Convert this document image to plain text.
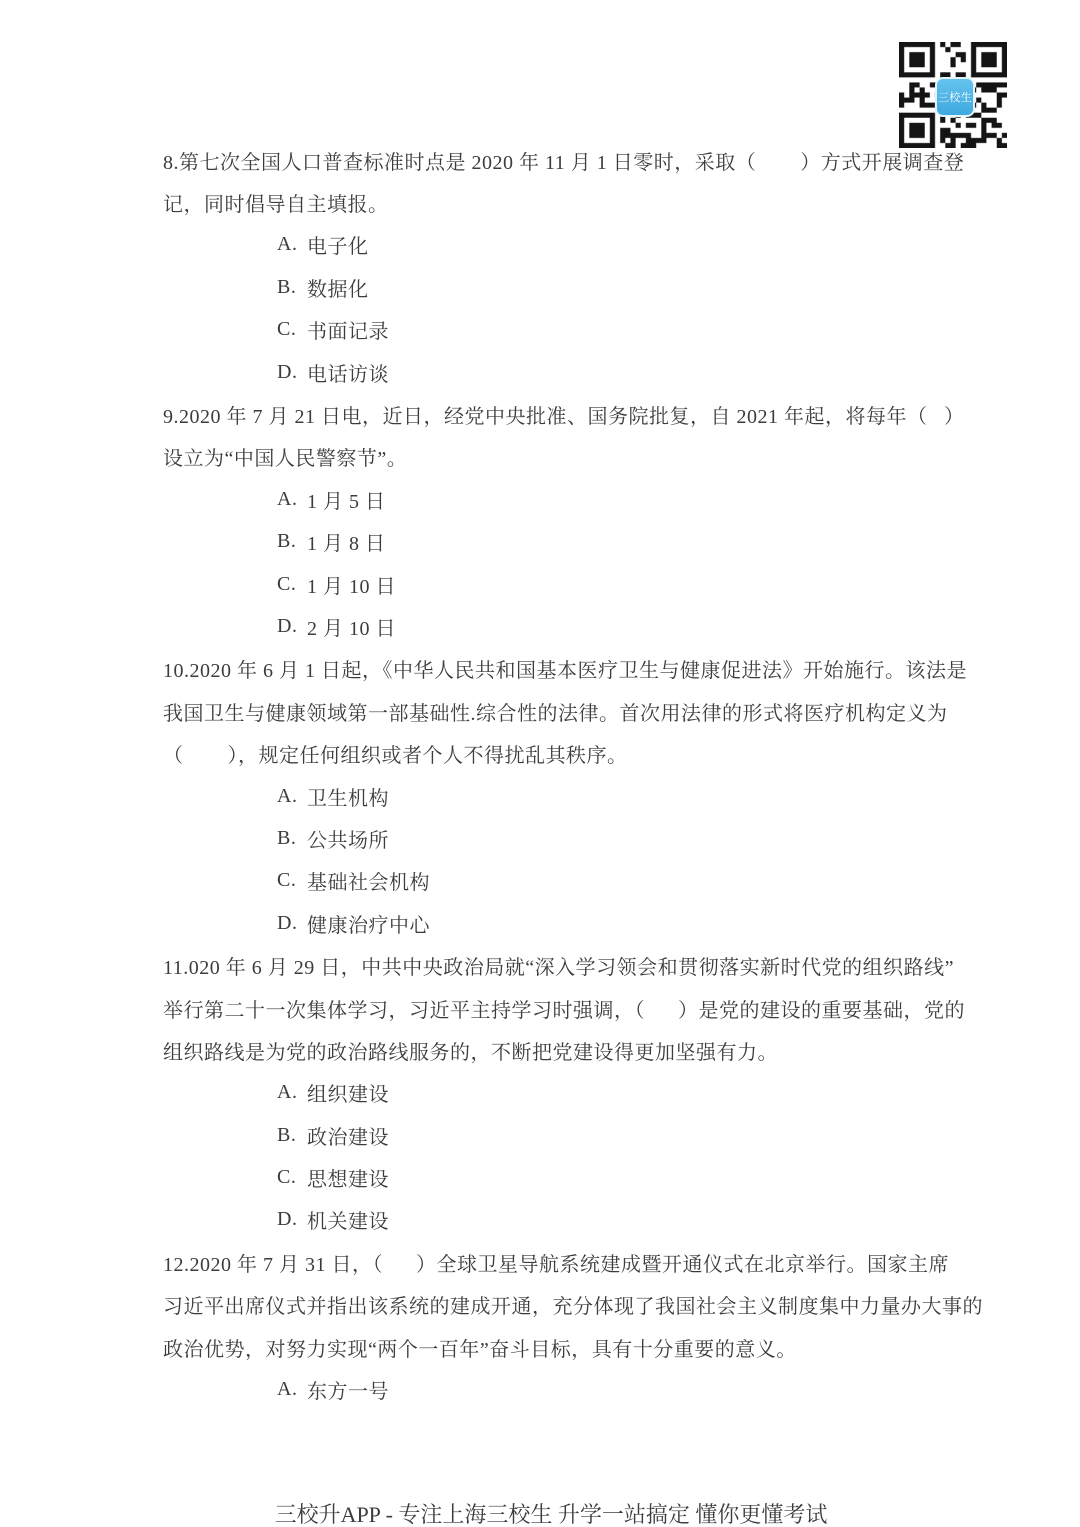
三校生
8.第七次全国人口普查标准时点是 2020 年 11 月 1 日零时，采取（        ）方式开展调查登
记，同时倡导自主填报。
A. 电子化
B. 数据化
C. 书面记录
D. 电话访谈
9.2020 年 7 月 21 日电，近日，经党中央批准、国务院批复，自 2021 年起，将每年（   ）
设立为“中国人民警察节”。
A. 1 月 5 日
B. 1 月 8 日
C. 1 月 10 日
D. 2 月 10 日
10.2020 年 6 月 1 日起，《中华人民共和国基本医疗卫生与健康促进法》开始施行。该法是
我国卫生与健康领域第一部基础性.综合性的法律。首次用法律的形式将医疗机构定义为
（        ），规定任何组织或者个人不得扰乱其秩序。
A. 卫生机构
B. 公共场所
C. 基础社会机构
D. 健康治疗中心
11.020 年 6 月 29 日，中共中央政治局就“深入学习领会和贯彻落实新时代党的组织路线”
举行第二十一次集体学习，习近平主持学习时强调，（      ）是党的建设的重要基础，党的
组织路线是为党的政治路线服务的，不断把党建设得更加坚强有力。
A. 组织建设
B. 政治建设
C. 思想建设
D. 机关建设
12.2020 年 7 月 31 日，（      ）全球卫星导航系统建成暨开通仪式在北京举行。国家主席
习近平出席仪式并指出该系统的建成开通，充分体现了我国社会主义制度集中力量办大事的
政治优势，对努力实现“两个一百年”奋斗目标，具有十分重要的意义。
A. 东方一号

三校升APP - 专注上海三校生 升学一站搞定 懂你更懂考试
